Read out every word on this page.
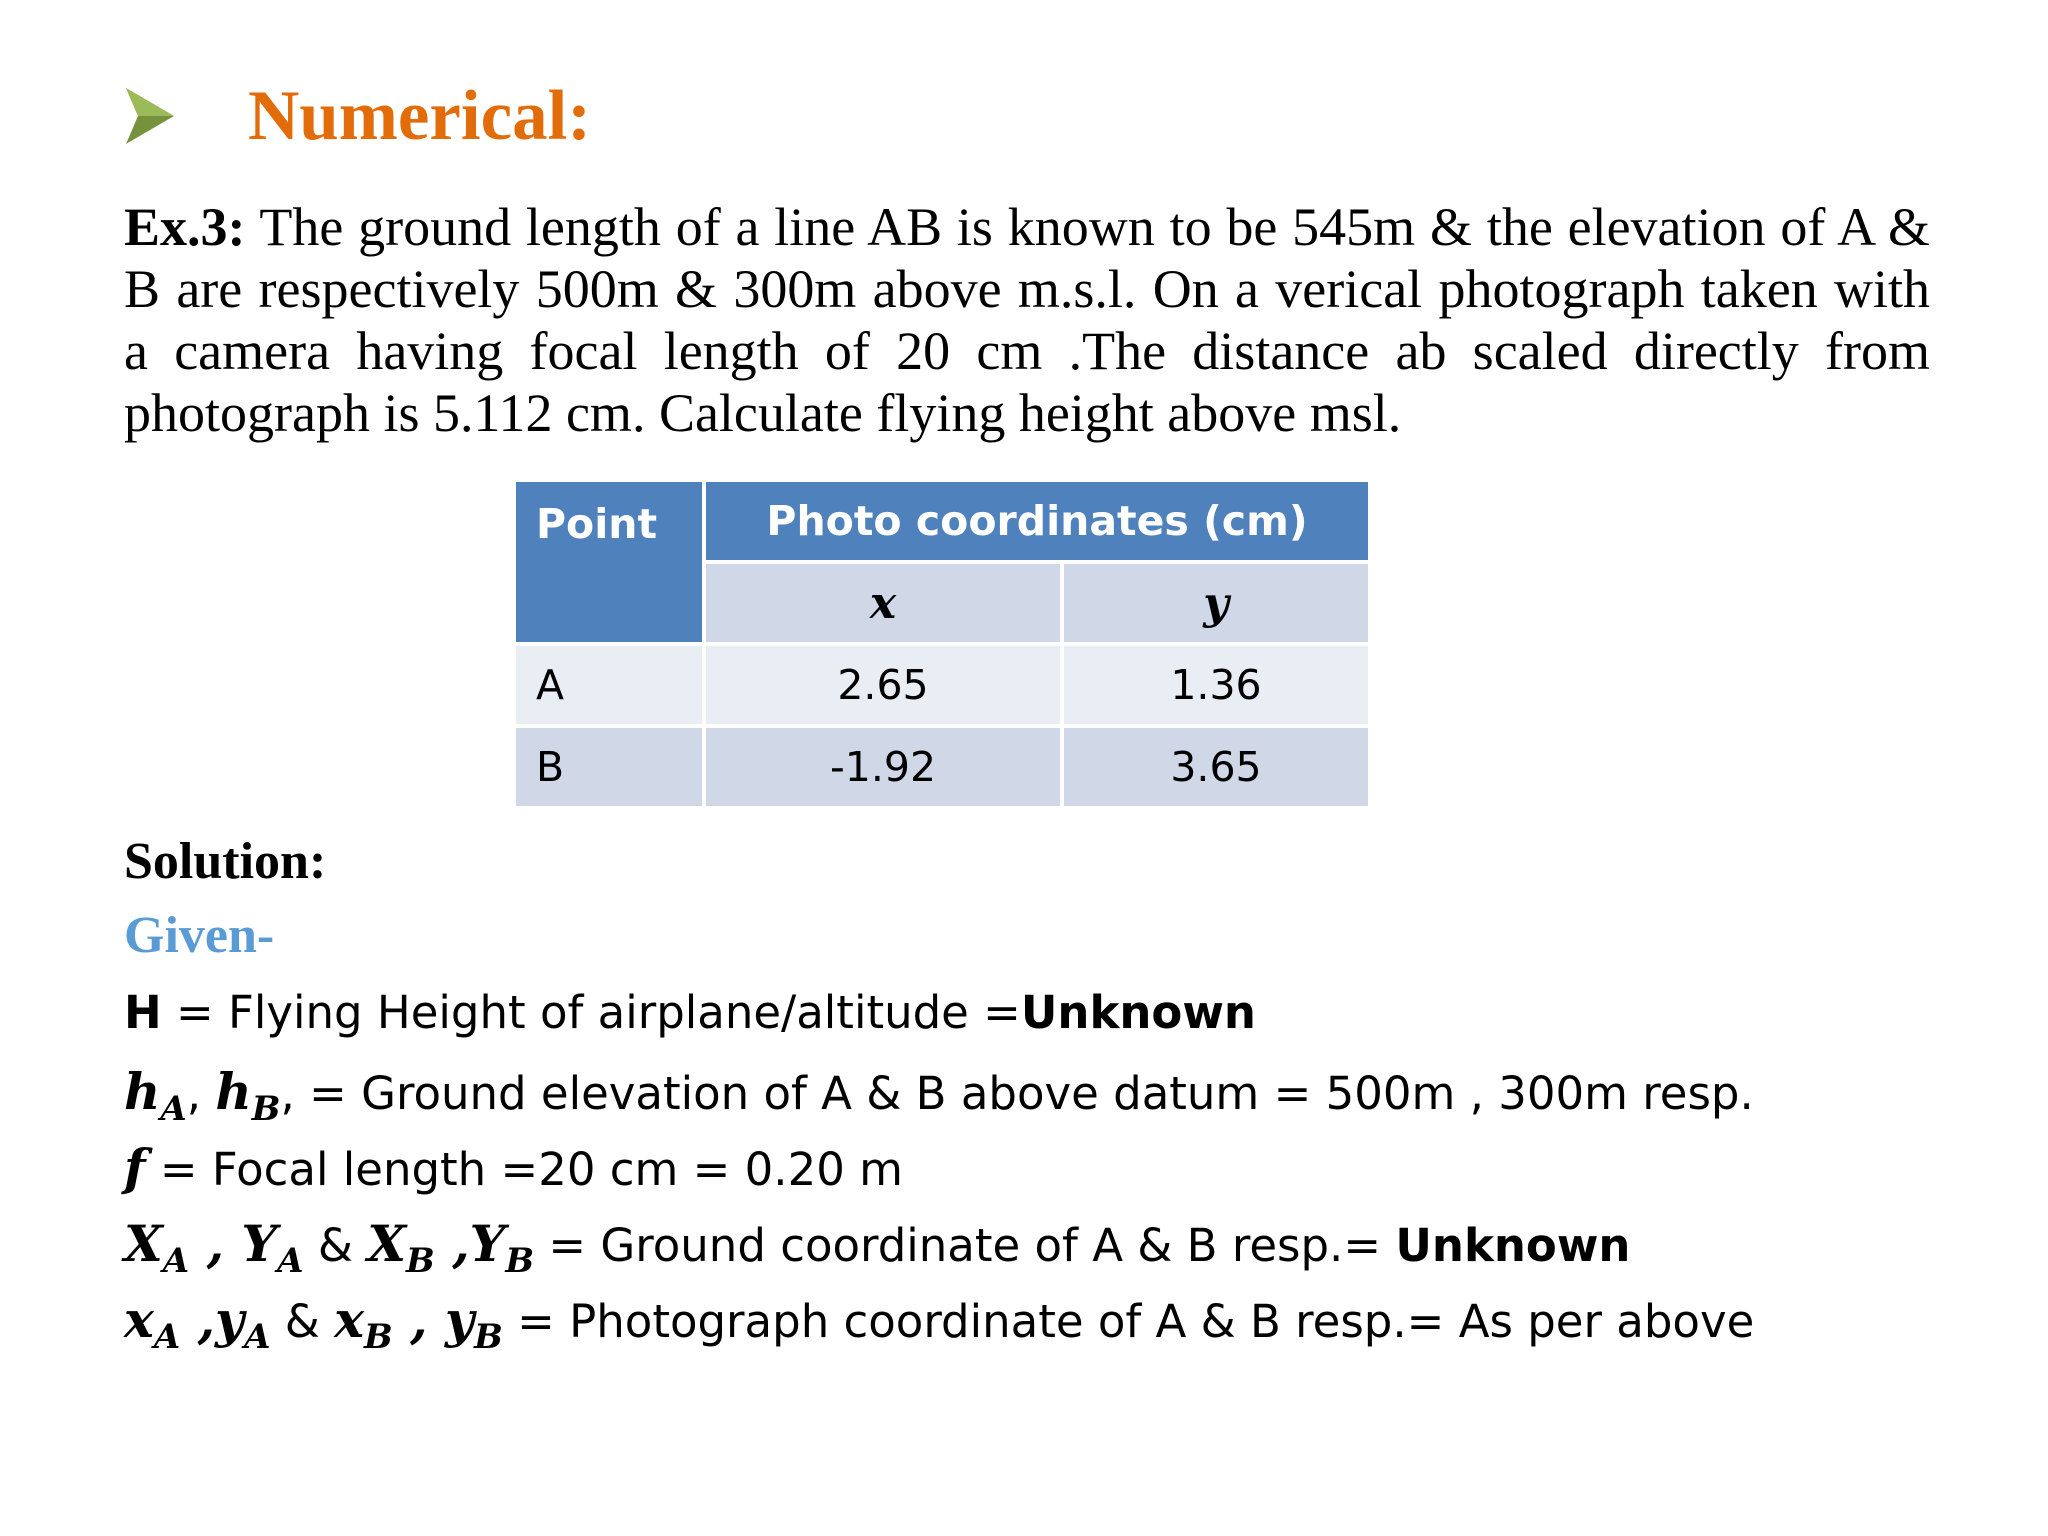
Numerical:
Ex.3: The ground length of a line AB is known to be 545m & the elevation of A & B are respectively 500m & 300m above m.s.l. On a verical photograph taken with a camera having focal length of 20 cm .The distance ab scaled directly from photograph is 5.112 cm. Calculate flying height above msl.
Point	Photo coordinates (cm)	
	x	y
A	2.65	1.36
B	-1.92	3.65
Solution:
Given-
H = Flying Height of airplane/altitude =Unknown
$h_A$, $h_B$, = Ground elevation of A & B above datum = 500m , 300m resp.
f = Focal length =20 cm = 0.20 m
$X_A$ , $Y_A$ & $X_B$ $,Y_B$ = Ground coordinate of A & B resp.= Unknown
$x_A$ $,y_A$ & $x_B$ , $y_B$ = Photograph coordinate of A & B resp.= As per above
